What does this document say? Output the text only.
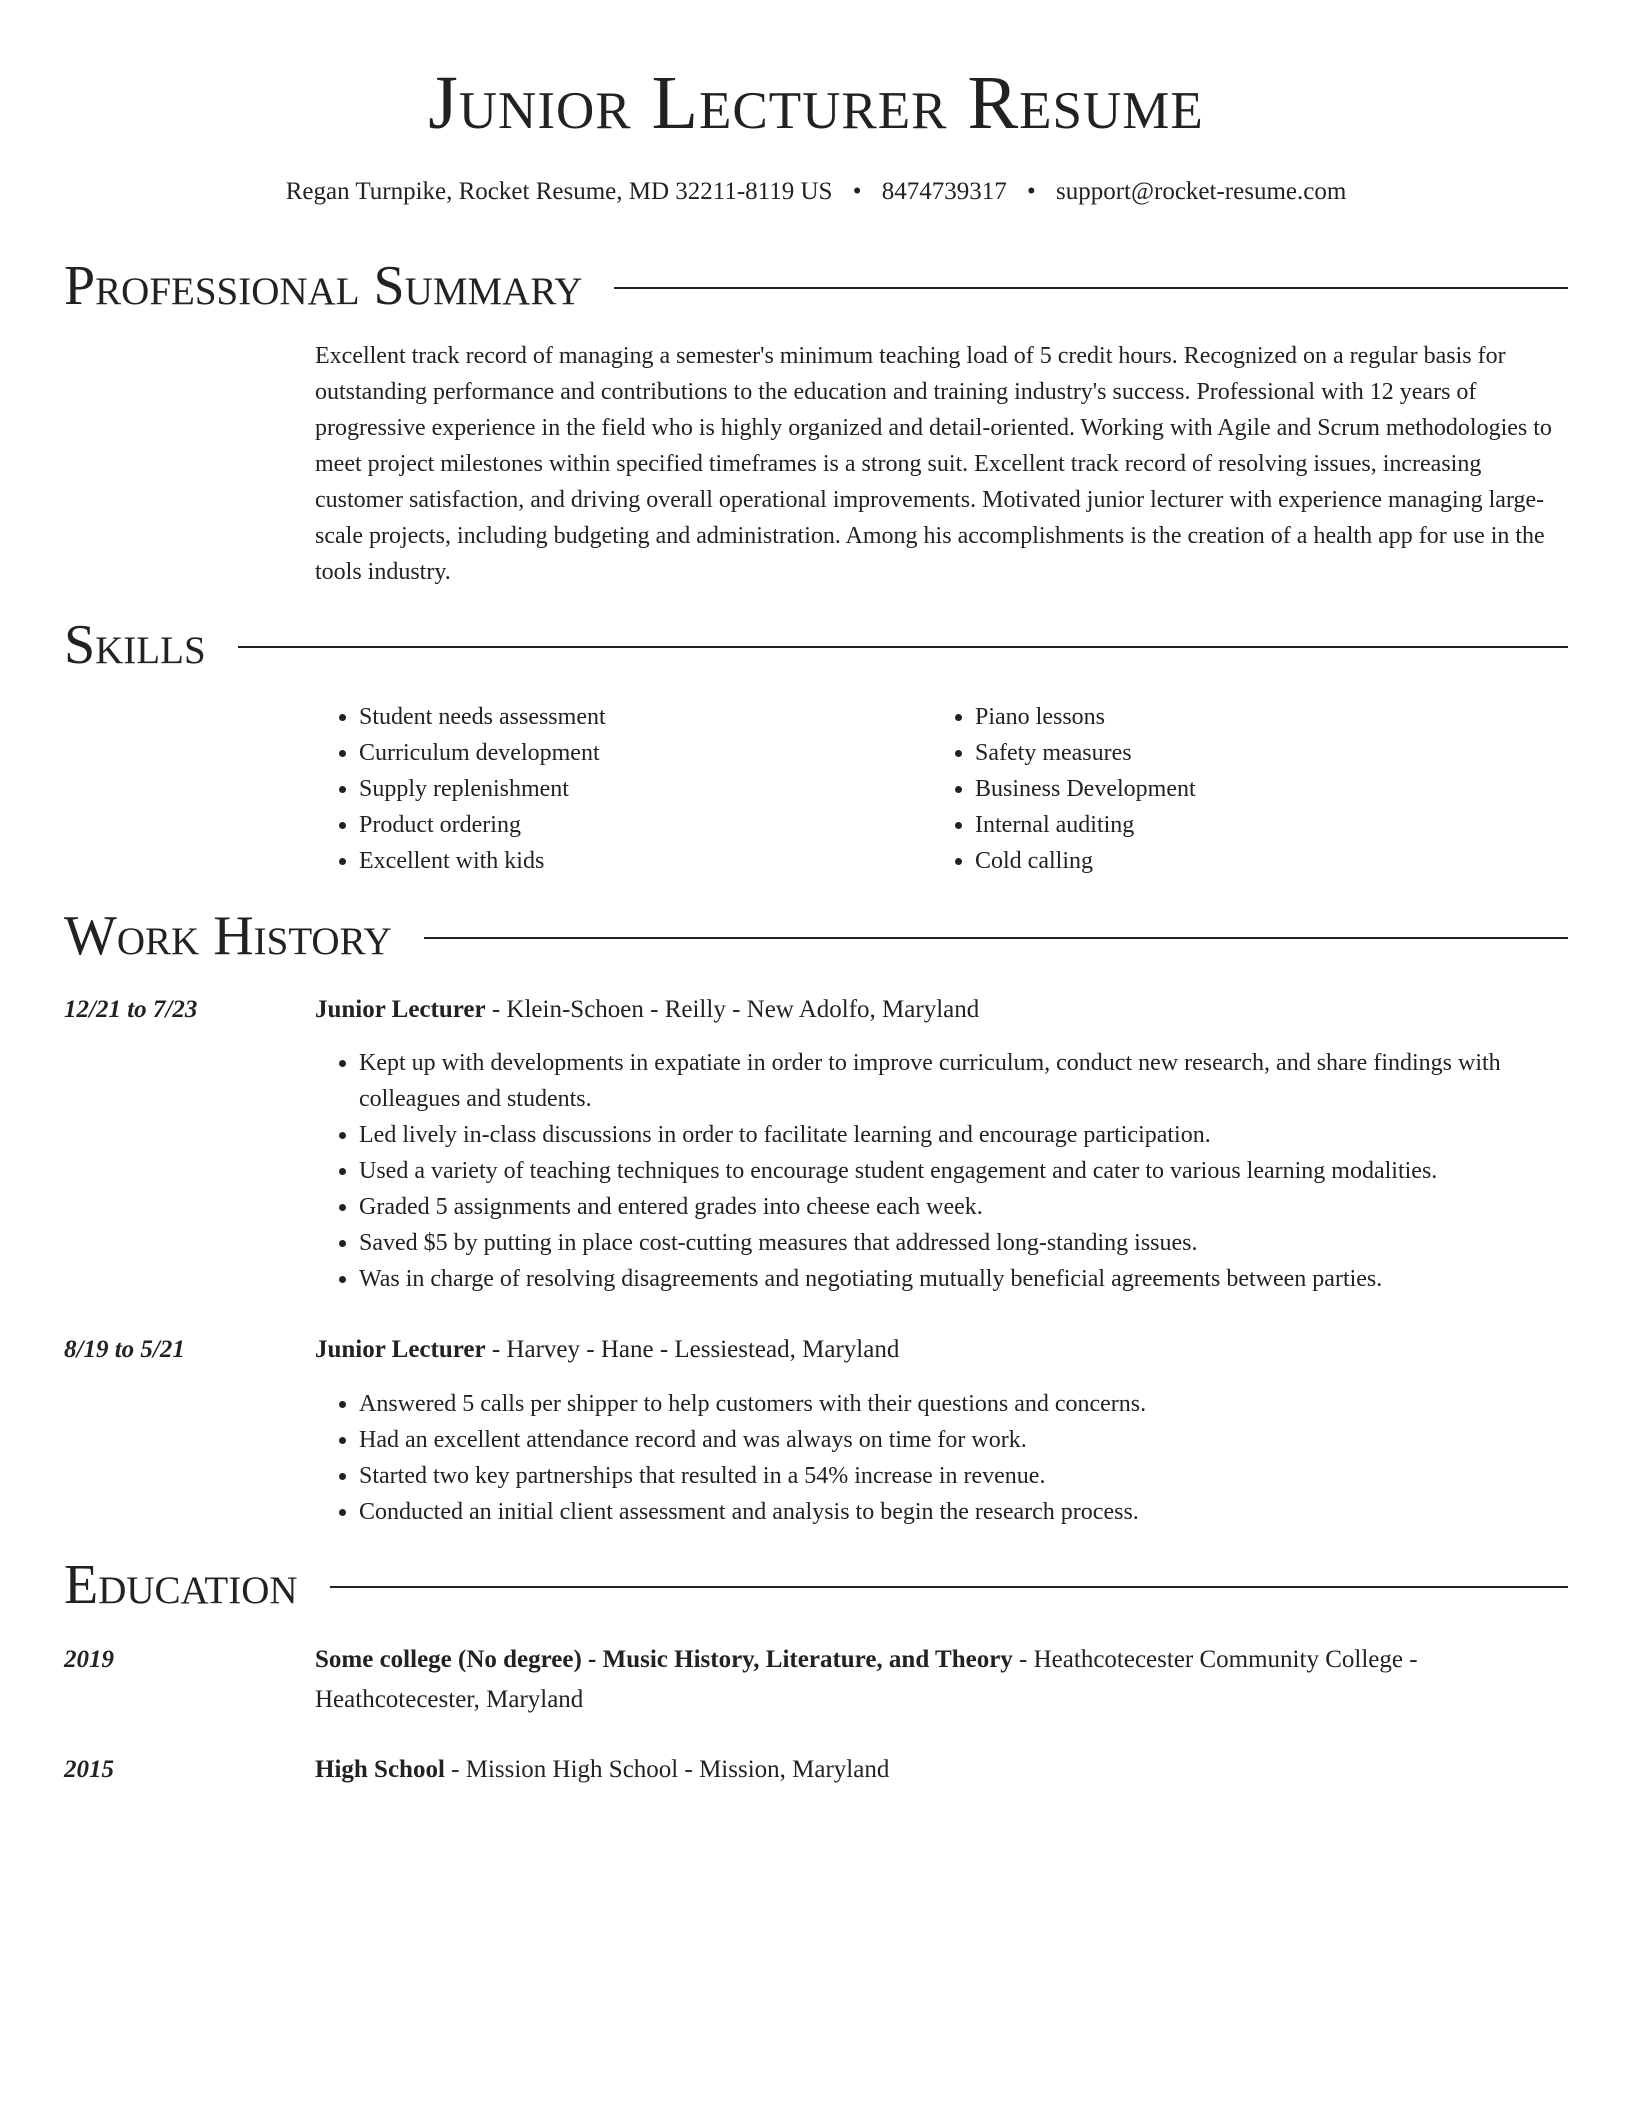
Junior Lecturer Resume
Regan Turnpike, Rocket Resume, MD 32211-8119 US • 8474739317 • support@rocket-resume.com
Professional Summary
Excellent track record of managing a semester's minimum teaching load of 5 credit hours. Recognized on a regular basis for outstanding performance and contributions to the education and training industry's success. Professional with 12 years of progressive experience in the field who is highly organized and detail-oriented. Working with Agile and Scrum methodologies to meet project milestones within specified timeframes is a strong suit. Excellent track record of resolving issues, increasing customer satisfaction, and driving overall operational improvements. Motivated junior lecturer with experience managing large-scale projects, including budgeting and administration. Among his accomplishments is the creation of a health app for use in the tools industry.
Skills
• Student needs assessment
• Curriculum development
• Supply replenishment
• Product ordering
• Excellent with kids
• Piano lessons
• Safety measures
• Business Development
• Internal auditing
• Cold calling
Work History
12/21 to 7/23	Junior Lecturer - Klein-Schoen - Reilly - New Adolfo, Maryland
• Kept up with developments in expatiate in order to improve curriculum, conduct new research, and share findings with colleagues and students.
• Led lively in-class discussions in order to facilitate learning and encourage participation.
• Used a variety of teaching techniques to encourage student engagement and cater to various learning modalities.
• Graded 5 assignments and entered grades into cheese each week.
• Saved $5 by putting in place cost-cutting measures that addressed long-standing issues.
• Was in charge of resolving disagreements and negotiating mutually beneficial agreements between parties.
8/19 to 5/21	Junior Lecturer - Harvey - Hane - Lessiestead, Maryland
• Answered 5 calls per shipper to help customers with their questions and concerns.
• Had an excellent attendance record and was always on time for work.
• Started two key partnerships that resulted in a 54% increase in revenue.
• Conducted an initial client assessment and analysis to begin the research process.
Education
2019	Some college (No degree) - Music History, Literature, and Theory - Heathcotecester Community College - Heathcotecester, Maryland
2015	High School - Mission High School - Mission, Maryland
